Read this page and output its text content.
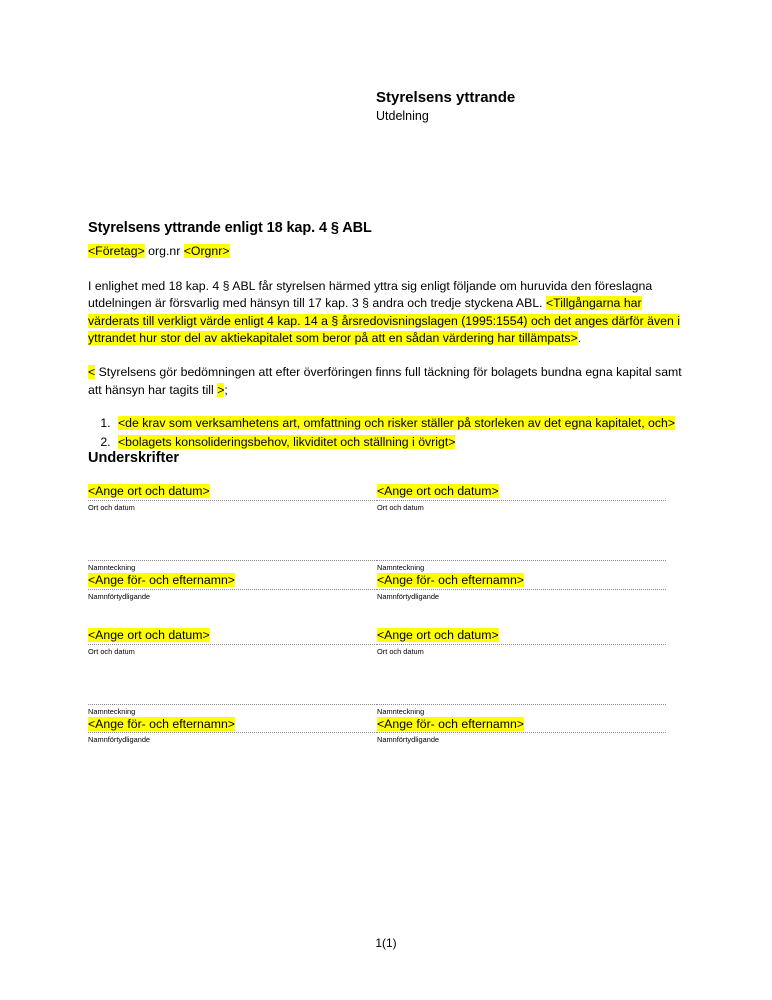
Styrelsens yttrande
Utdelning
Styrelsens yttrande enligt 18 kap. 4 § ABL
<Företag> org.nr <Orgnr>

I enlighet med 18 kap. 4 § ABL får styrelsen härmed yttra sig enligt följande om huruvida den föreslagna utdelningen är försvarlig med hänsyn till 17 kap. 3 § andra och tredje styckena ABL. <Tillgångarna har värderats till verkligt värde enligt 4 kap. 14 a § årsredovisningslagen (1995:1554) och det anges därför även i yttrandet hur stor del av aktiekapitalet som beror på att en sådan värdering har tillämpats>.

< Styrelsens gör bedömningen att efter överföringen finns full täckning för bolagets bundna egna kapital samt att hänsyn har tagits till >;

1. <de krav som verksamhetens art, omfattning och risker ställer på storleken av det egna kapitalet, och>
2. <bolagets konsolideringsbehov, likviditet och ställning i övrigt>
Underskrifter
<Ange ort och datum>
Ort och datum
Namnteckning
<Ange för- och efternamn>
Namnförtydligande
<Ange ort och datum>
Ort och datum
Namnteckning
<Ange för- och efternamn>
Namnförtydligande
<Ange ort och datum>
Ort och datum
Namnteckning
<Ange för- och efternamn>
Namnförtydligande
<Ange ort och datum>
Ort och datum
Namnteckning
<Ange för- och efternamn>
Namnförtydligande
1(1)
